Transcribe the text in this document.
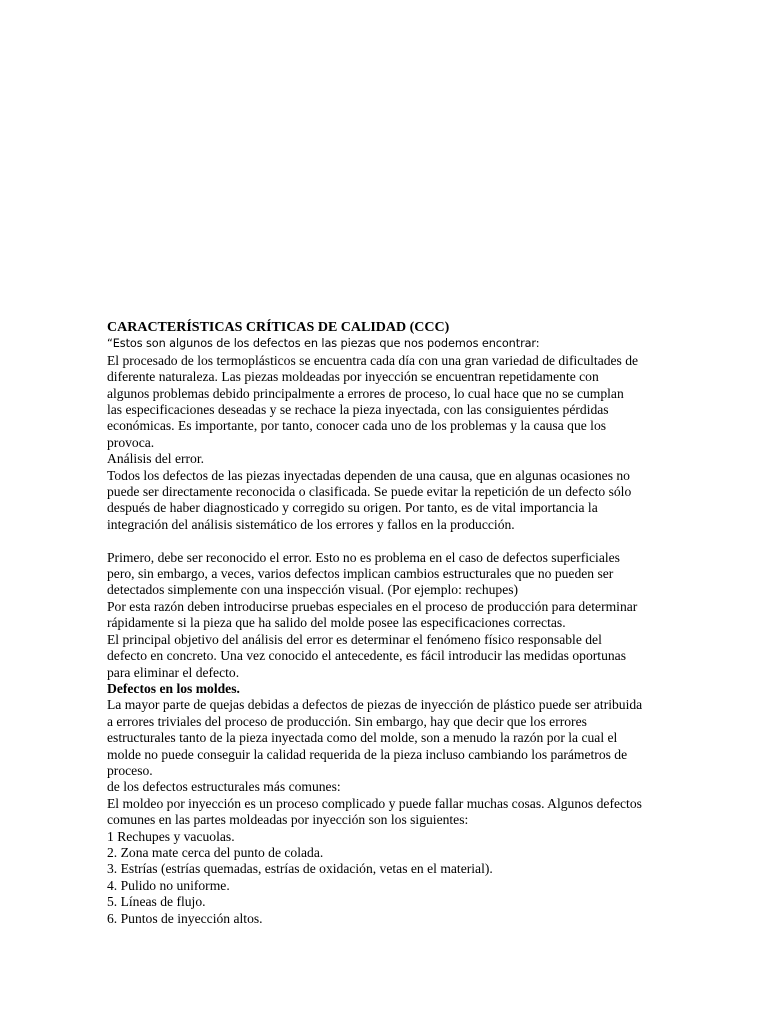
CARACTERÍSTICAS CRÍTICAS DE CALIDAD (CCC)
“Estos son algunos de los defectos en las piezas que nos podemos encontrar:
El procesado de los termoplásticos se encuentra cada día con una gran variedad de dificultades de
diferente naturaleza. Las piezas moldeadas por inyección se encuentran repetidamente con
algunos problemas debido principalmente a errores de proceso, lo cual hace que no se cumplan
las especificaciones deseadas y se rechace la pieza inyectada, con las consiguientes pérdidas
económicas. Es importante, por tanto, conocer cada uno de los problemas y la causa que los
provoca.
Análisis del error.
Todos los defectos de las piezas inyectadas dependen de una causa, que en algunas ocasiones no
puede ser directamente reconocida o clasificada. Se puede evitar la repetición de un defecto sólo
después de haber diagnosticado y corregido su origen. Por tanto, es de vital importancia la
integración del análisis sistemático de los errores y fallos en la producción.
Primero, debe ser reconocido el error. Esto no es problema en el caso de defectos superficiales
pero, sin embargo, a veces, varios defectos implican cambios estructurales que no pueden ser
detectados simplemente con una inspección visual. (Por ejemplo: rechupes)
Por esta razón deben introducirse pruebas especiales en el proceso de producción para determinar
rápidamente si la pieza que ha salido del molde posee las especificaciones correctas.
El principal objetivo del análisis del error es determinar el fenómeno físico responsable del
defecto en concreto. Una vez conocido el antecedente, es fácil introducir las medidas oportunas
para eliminar el defecto.
Defectos en los moldes.
La mayor parte de quejas debidas a defectos de piezas de inyección de plástico puede ser atribuida
a errores triviales del proceso de producción. Sin embargo, hay que decir que los errores
estructurales tanto de la pieza inyectada como del molde, son a menudo la razón por la cual el
molde no puede conseguir la calidad requerida de la pieza incluso cambiando los parámetros de
proceso.
de los defectos estructurales más comunes:
El moldeo por inyección es un proceso complicado y puede fallar muchas cosas. Algunos defectos
comunes en las partes moldeadas por inyección son los siguientes:
1 Rechupes y vacuolas.
2. Zona mate cerca del punto de colada.
3. Estrías (estrías quemadas, estrías de oxidación, vetas en el material).
4. Pulido no uniforme.
5. Líneas de flujo.
6. Puntos de inyección altos.
